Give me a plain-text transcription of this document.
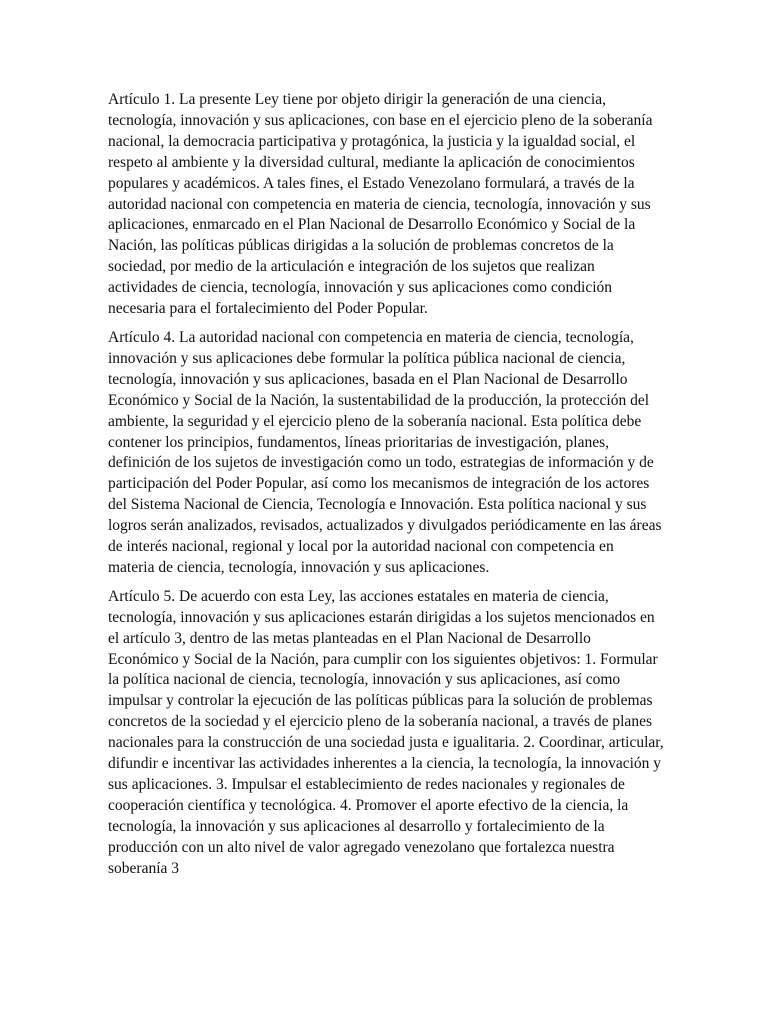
Artículo 1. La presente Ley tiene por objeto dirigir la generación de una ciencia, tecnología, innovación y sus aplicaciones, con base en el ejercicio pleno de la soberanía nacional, la democracia participativa y protagónica, la justicia y la igualdad social, el respeto al ambiente y la diversidad cultural, mediante la aplicación de conocimientos populares y académicos. A tales fines, el Estado Venezolano formulará, a través de la autoridad nacional con competencia en materia de ciencia, tecnología, innovación y sus aplicaciones, enmarcado en el Plan Nacional de Desarrollo Económico y Social de la Nación, las políticas públicas dirigidas a la solución de problemas concretos de la sociedad, por medio de la articulación e integración de los sujetos que realizan actividades de ciencia, tecnología, innovación y sus aplicaciones como condición necesaria para el fortalecimiento del Poder Popular.

Artículo 4. La autoridad nacional con competencia en materia de ciencia, tecnología, innovación y sus aplicaciones debe formular la política pública nacional de ciencia, tecnología, innovación y sus aplicaciones, basada en el Plan Nacional de Desarrollo Económico y Social de la Nación, la sustentabilidad de la producción, la protección del ambiente, la seguridad y el ejercicio pleno de la soberanía nacional. Esta política debe contener los principios, fundamentos, líneas prioritarias de investigación, planes, definición de los sujetos de investigación como un todo, estrategias de información y de participación del Poder Popular, así como los mecanismos de integración de los actores del Sistema Nacional de Ciencia, Tecnología e Innovación. Esta política nacional y sus logros serán analizados, revisados, actualizados y divulgados periódicamente en las áreas de interés nacional, regional y local por la autoridad nacional con competencia en materia de ciencia, tecnología, innovación y sus aplicaciones.

Artículo 5. De acuerdo con esta Ley, las acciones estatales en materia de ciencia, tecnología, innovación y sus aplicaciones estarán dirigidas a los sujetos mencionados en el artículo 3, dentro de las metas planteadas en el Plan Nacional de Desarrollo Económico y Social de la Nación, para cumplir con los siguientes objetivos: 1. Formular la política nacional de ciencia, tecnología, innovación y sus aplicaciones, así como impulsar y controlar la ejecución de las políticas públicas para la solución de problemas concretos de la sociedad y el ejercicio pleno de la soberanía nacional, a través de planes nacionales para la construcción de una sociedad justa e igualitaria. 2. Coordinar, articular, difundir e incentivar las actividades inherentes a la ciencia, la tecnología, la innovación y sus aplicaciones. 3. Impulsar el establecimiento de redes nacionales y regionales de cooperación científica y tecnológica. 4. Promover el aporte efectivo de la ciencia, la tecnología, la innovación y sus aplicaciones al desarrollo y fortalecimiento de la producción con un alto nivel de valor agregado venezolano que fortalezca nuestra soberanía 3
